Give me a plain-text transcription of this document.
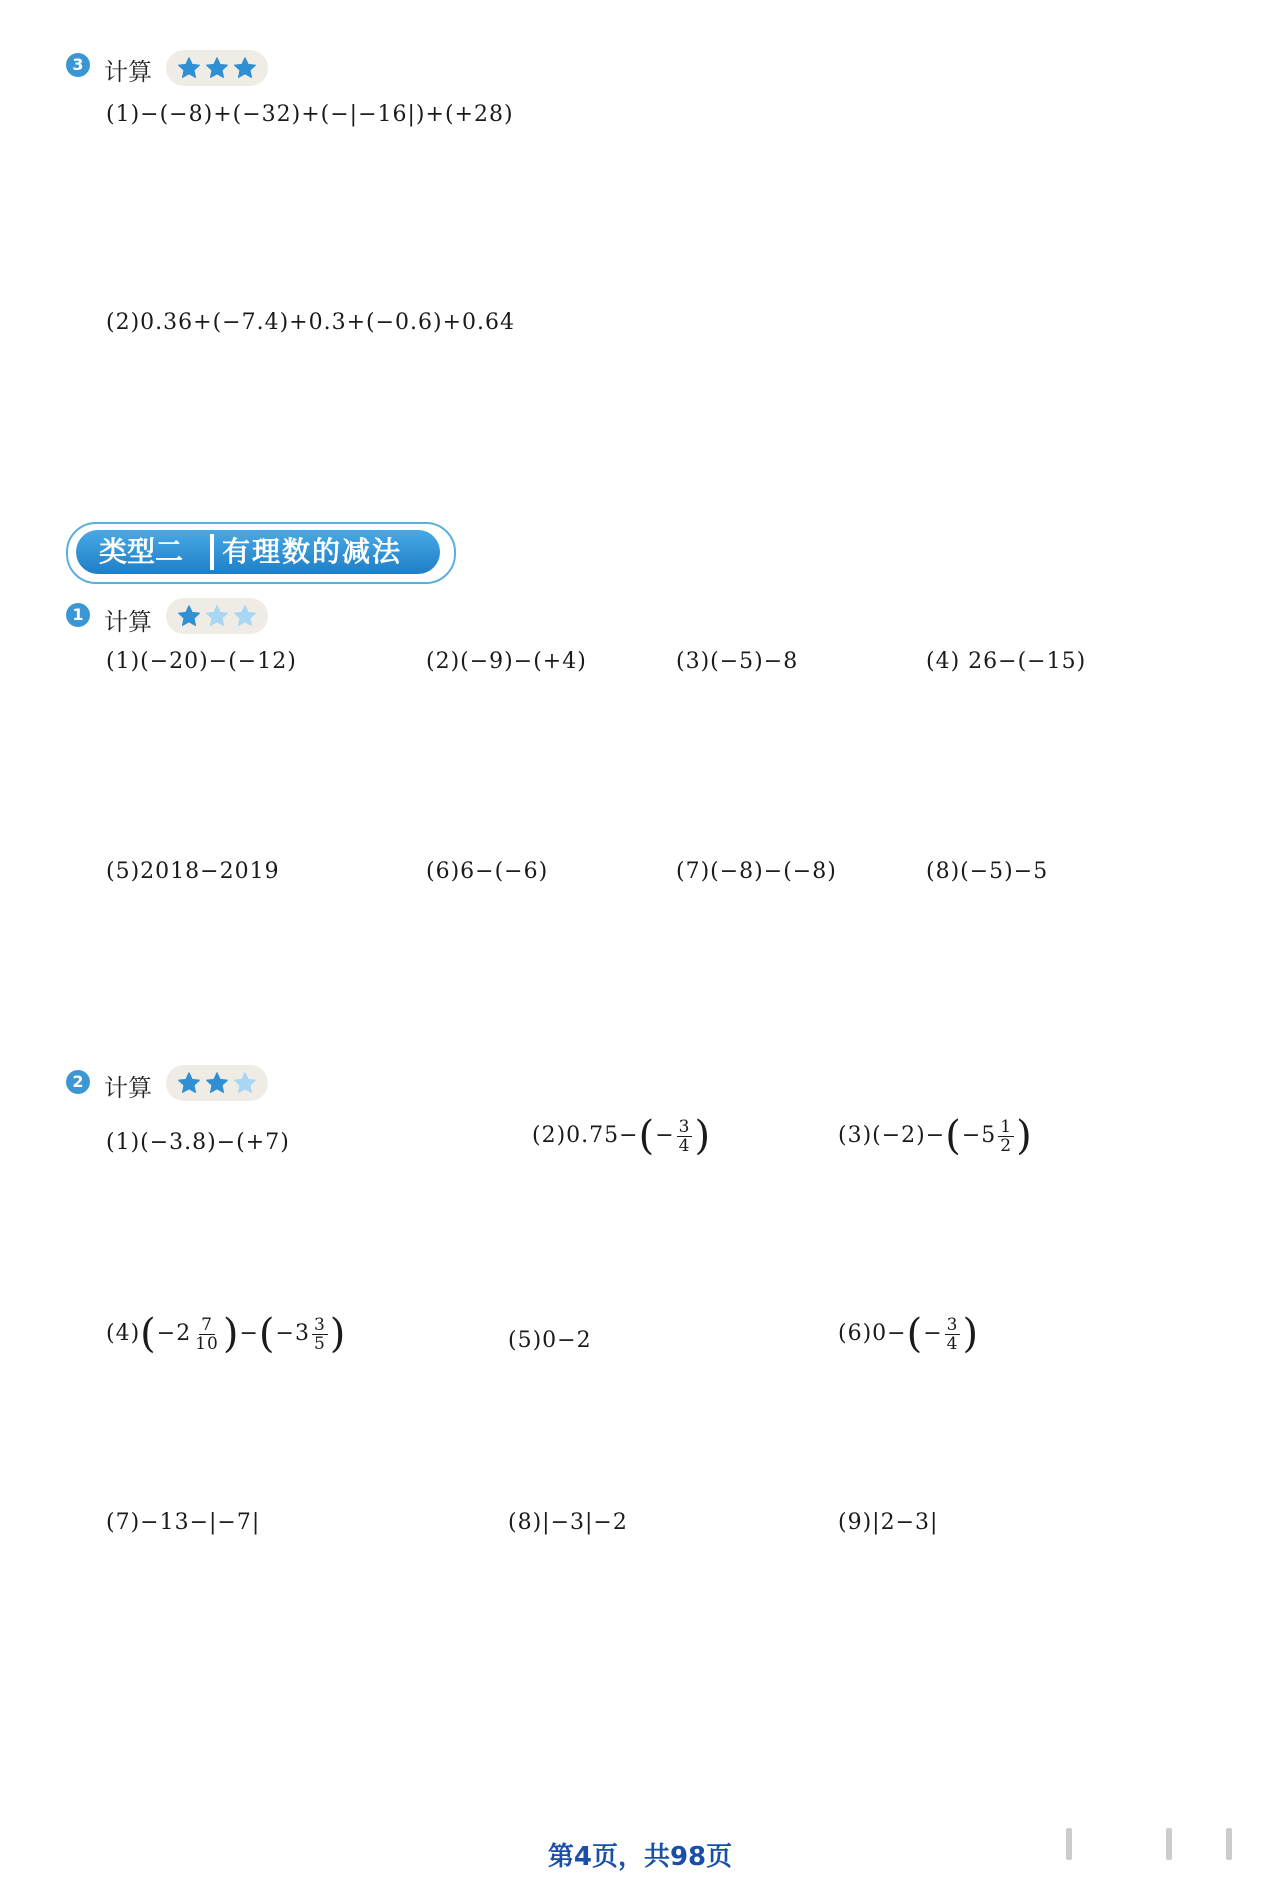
3 计算
(1)−(−8)+(−32)+(−|−16|)+(+28)
(2)0.36+(−7.4)+0.3+(−0.6)+0.64
类型二	有理数的减法
1 计算
(1)(−20)−(−12)	(2)(−9)−(+4)	(3)(−5)−8	(4) 26−(−15)
(5)2018−2019	(6)6−(−6)	(7)(−8)−(−8)	(8)(−5)−5
2 计算
(1)(−3.8)−(+7)	$(2)0.75-(- \frac{3}{4}$ )	$(3)(-2)-(-5 \frac{1}{2}$ )
$(4)(-2 \frac{7}{10} )-(-3 \frac{3}{5}$ )	(5)0−2	$(6)0-(- \frac{3}{4}$ )
(7)−13−|−7|	(8)|−3|−2	(9)|2−3|
第4页，共98页
